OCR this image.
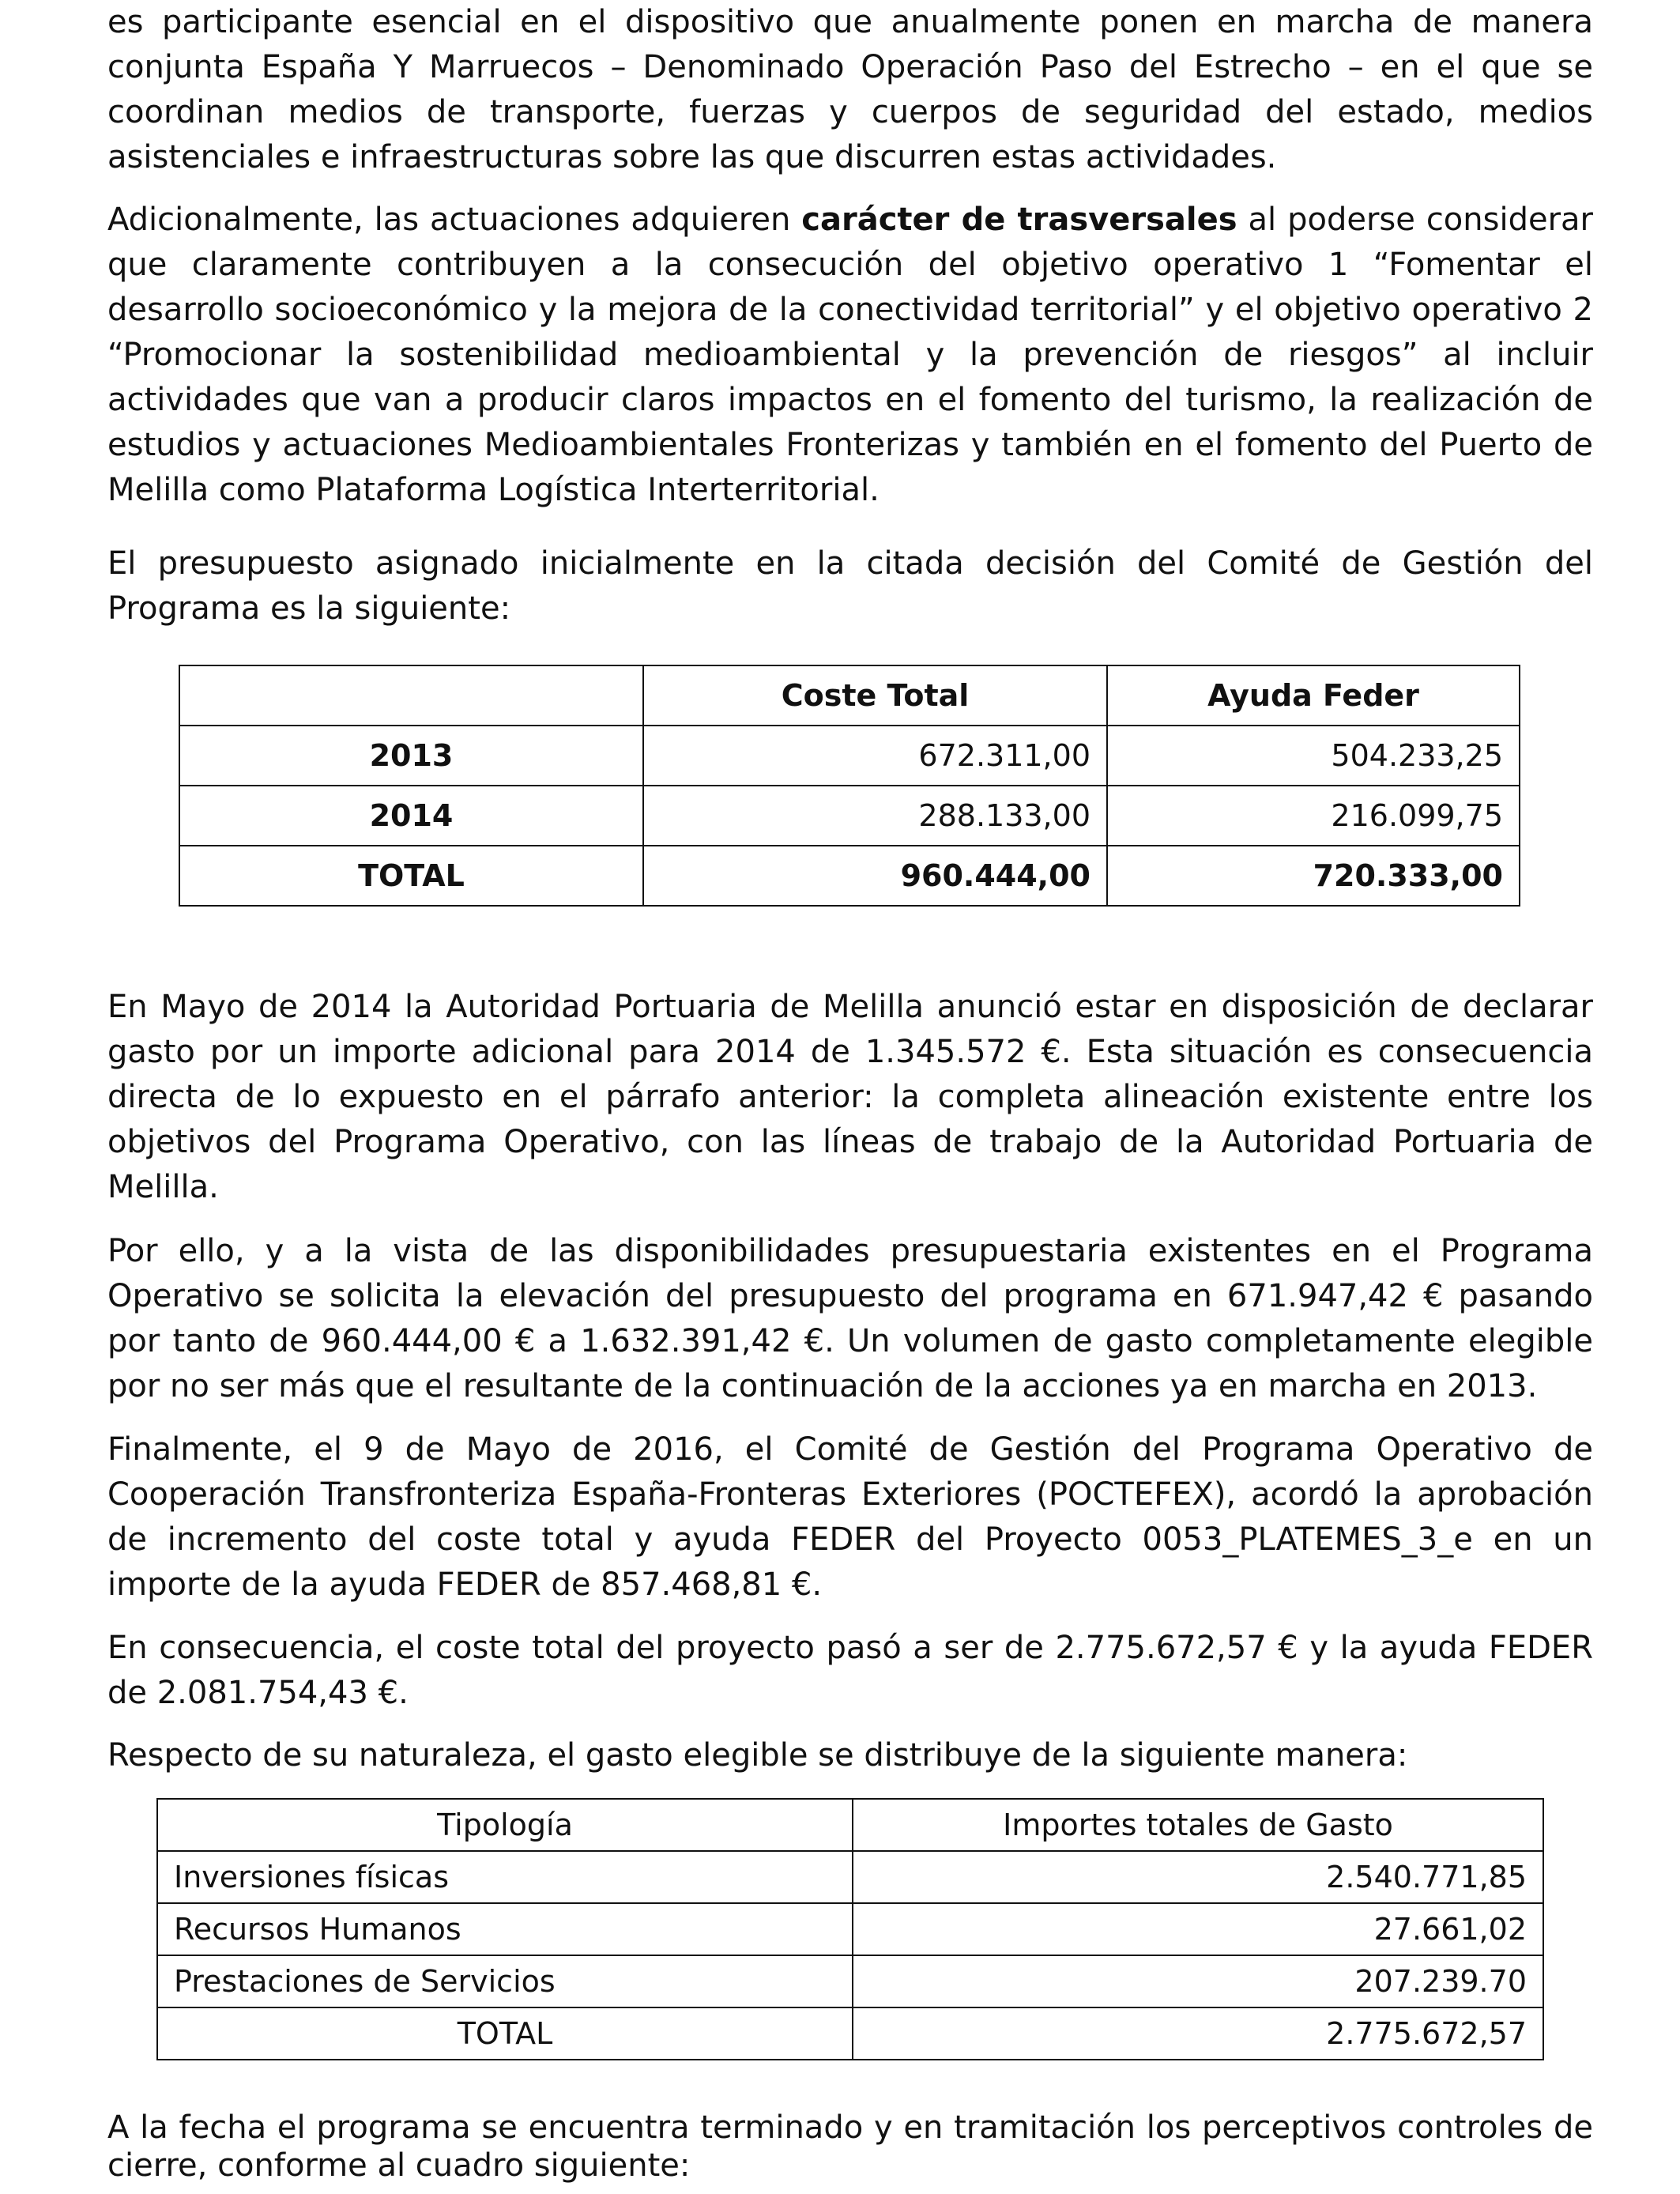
es participante esencial en el dispositivo que anualmente ponen en marcha de manera conjunta España Y Marruecos – Denominado Operación Paso del Estrecho – en el que se coordinan medios de transporte, fuerzas y cuerpos de seguridad del estado, medios asistenciales e infraestructuras sobre las que discurren estas actividades.

Adicionalmente, las actuaciones adquieren carácter de trasversales al poderse considerar que claramente contribuyen a la consecución del objetivo operativo 1 “Fomentar el desarrollo socioeconómico y la mejora de la conectividad territorial” y el objetivo operativo 2 “Promocionar la sostenibilidad medioambiental y la prevención de riesgos” al incluir actividades que van a producir claros impactos en el fomento del turismo, la realización de estudios y actuaciones Medioambientales Fronterizas y también en el fomento del Puerto de Melilla como Plataforma Logística Interterritorial.

El presupuesto asignado inicialmente en la citada decisión del Comité de Gestión del Programa es la siguiente:

En Mayo de 2014 la Autoridad Portuaria de Melilla anunció estar en disposición de declarar gasto por un importe adicional para 2014 de 1.345.572 €. Esta situación es consecuencia directa de lo expuesto en el párrafo anterior: la completa alineación existente entre los objetivos del Programa Operativo, con las líneas de trabajo de la Autoridad Portuaria de Melilla.

Por ello, y a la vista de las disponibilidades presupuestaria existentes en el Programa Operativo se solicita la elevación del presupuesto del programa en 671.947,42 € pasando por tanto de 960.444,00 € a 1.632.391,42 €. Un volumen de gasto completamente elegible por no ser más que el resultante de la continuación de la acciones ya en marcha en 2013.

Finalmente, el 9 de Mayo de 2016, el Comité de Gestión del Programa Operativo de Cooperación Transfronteriza España-Fronteras Exteriores (POCTEFEX), acordó la aprobación de incremento del coste total y ayuda FEDER del Proyecto 0053_PLATEMES_3_e en un importe de la ayuda FEDER de 857.468,81 €.

En consecuencia, el coste total del proyecto pasó a ser de 2.775.672,57 € y la ayuda FEDER de 2.081.754,43 €.

Respecto de su naturaleza, el gasto elegible se distribuye de la siguiente manera:

A la fecha el programa se encuentra terminado y en tramitación los perceptivos controles de cierre, conforme al cuadro siguiente:

	Coste Total	Ayuda Feder
2013	672.311,00	504.233,25
2014	288.133,00	216.099,75
TOTAL	960.444,00	720.333,00
Tipología	Importes totales de Gasto
Inversiones físicas	2.540.771,85
Recursos Humanos	27.661,02
Prestaciones de Servicios	207.239.70
TOTAL	2.775.672,57
